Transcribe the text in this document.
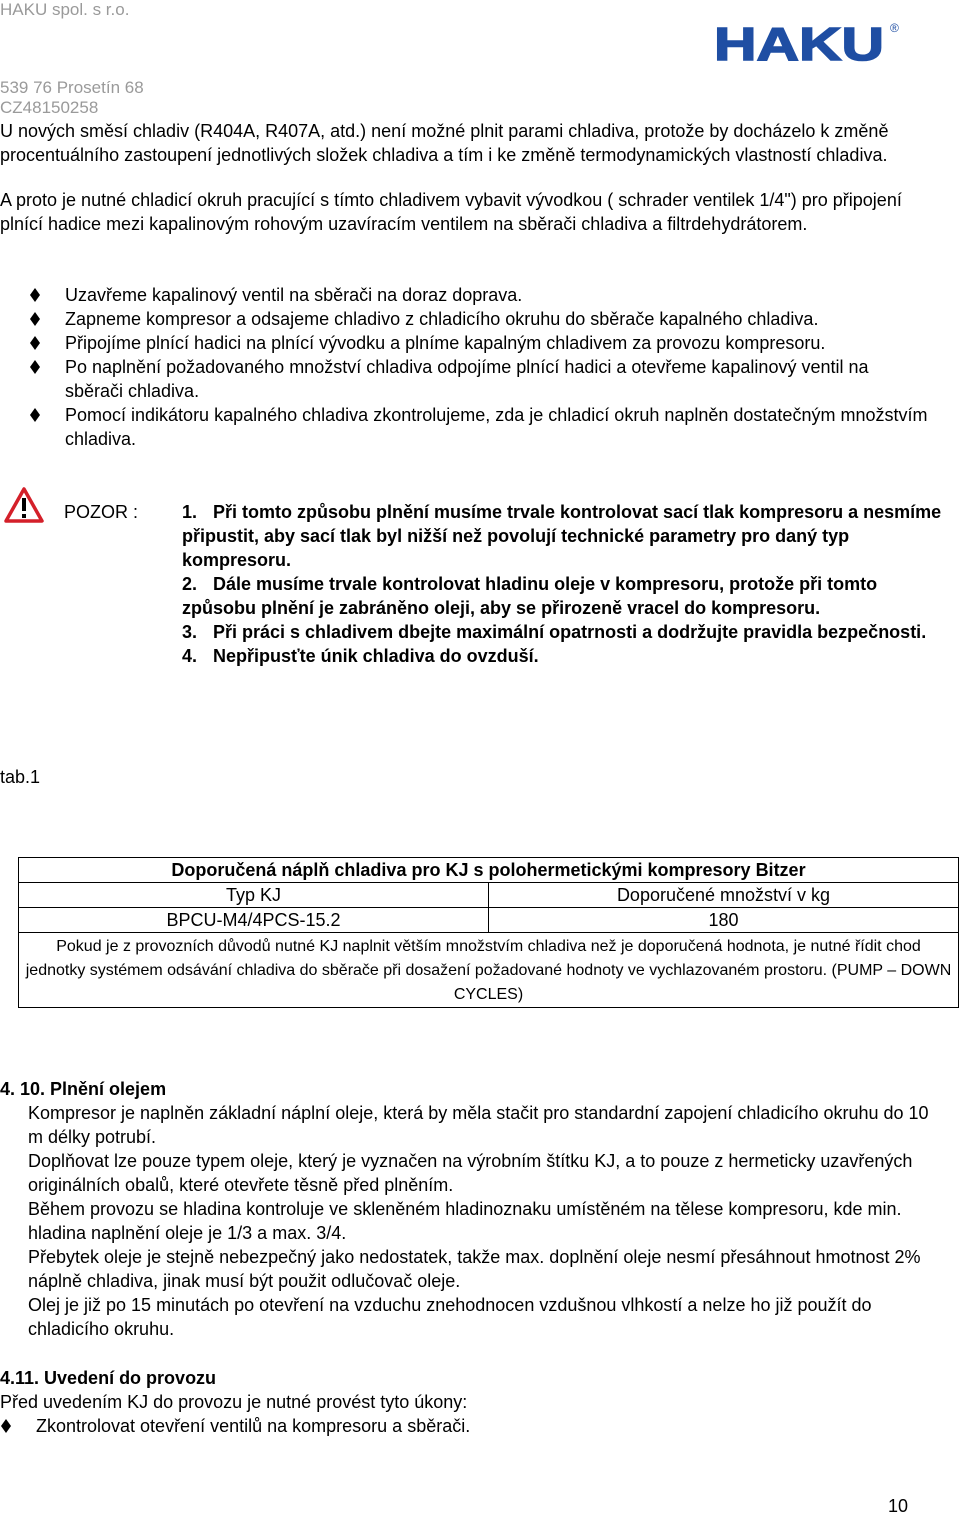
HAKU spol. s r.o.
539 76 Prosetín 68
CZ48150258
HAKU ®
U nových směsí chladiv (R404A, R407A, atd.) není možné plnit parami chladiva, protože by docházelo k změně procentuálního zastoupení jednotlivých složek chladiva a tím i ke změně termodynamických vlastností chladiva.
A proto je nutné chladicí okruh pracující s tímto chladivem vybavit vývodkou ( schrader ventilek 1/4") pro připojení plnící hadice mezi kapalinovým rohovým uzavíracím ventilem na sběrači chladiva a filtrdehydrátorem.
Uzavřeme kapalinový ventil na sběrači na doraz doprava.
Zapneme kompresor a odsajeme chladivo z chladicího okruhu do sběrače kapalného chladiva.
Připojíme plnící hadici na plnící vývodku a plníme kapalným chladivem za provozu kompresoru.
Po naplnění požadovaného množství chladiva odpojíme plnící hadici a otevřeme kapalinový ventil na sběrači chladiva.
Pomocí indikátoru kapalného chladiva zkontrolujeme, zda je chladicí okruh naplněn dostatečným množstvím chladiva.
POZOR : 1. Při tomto způsobu plnění musíme trvale kontrolovat sací tlak kompresoru a nesmíme připustit, aby sací tlak byl nižší než povolují technické parametry pro daný typ kompresoru.
2. Dále musíme trvale kontrolovat hladinu oleje v kompresoru, protože při tomto způsobu plnění je zabráněno oleji, aby se přirozeně vracel do kompresoru.
3. Při práci s chladivem dbejte maximální opatrnosti a dodržujte pravidla bezpečnosti.
4. Nepřipusťte únik chladiva do ovzduší.
tab.1
Doporučená náplň chladiva pro KJ s polohermetickými kompresory Bitzer	
Typ KJ	Doporučené množství v kg
BPCU-M4/4PCS-15.2	180
Pokud je z provozních důvodů nutné KJ naplnit větším množstvím chladiva než je doporučená hodnota, je nutné řídit chod jednotky systémem odsávání chladiva do sběrače při dosažení požadované hodnoty ve vychlazovaném prostoru. (PUMP – DOWN CYCLES)	
4. 10. Plnění olejem
Kompresor je naplněn základní náplní oleje, která by měla stačit pro standardní zapojení chladicího okruhu do 10 m délky potrubí.
Doplňovat lze pouze typem oleje, který je vyznačen na výrobním štítku KJ, a to pouze z hermeticky uzavřených originálních obalů, které otevřete těsně před plněním.
Během provozu se hladina kontroluje ve skleněném hladinoznaku umístěném na tělese kompresoru, kde min. hladina naplnění oleje je 1/3 a max. 3/4.
Přebytek oleje je stejně nebezpečný jako nedostatek, takže max. doplnění oleje nesmí přesáhnout hmotnost 2% náplně chladiva, jinak musí být použit odlučovač oleje.
Olej je již po 15 minutách po otevření na vzduchu znehodnocen vzdušnou vlhkostí a nelze ho již použít do chladicího okruhu.
4.11. Uvedení do provozu
Před uvedením KJ do provozu je nutné provést tyto úkony:
Zkontrolovat otevření ventilů na kompresoru a sběrači.
10
